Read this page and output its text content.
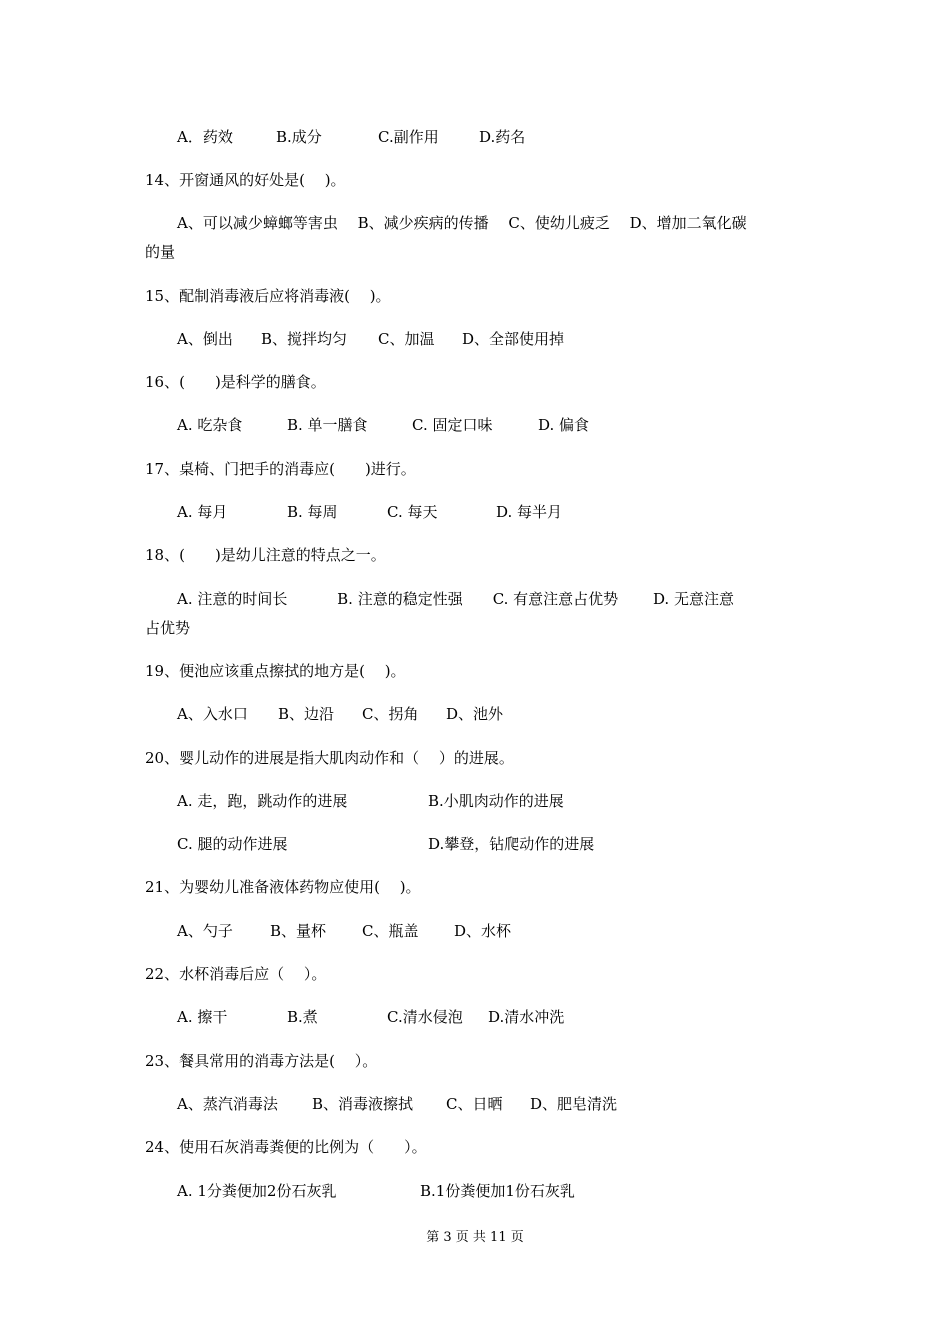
A．药效	B.成分	C.副作用	D.药名
14、开窗通风的好处是(　 )。
A、可以减少蟑螂等害虫　 B、减少疾病的传播　 C、使幼儿疲乏　 D、增加二氧化碳
的量
15、配制消毒液后应将消毒液(　 )。
A、倒出 B、搅拌均匀 C、加温 D、全部使用掉
16、(　　)是科学的膳食。
A. 吃杂食	B. 单一膳食	C. 固定口味	D. 偏食
17、桌椅、门把手的消毒应(　　)进行。
A. 每月	B. 每周	C. 每天	D. 每半月
18、(　　)是幼儿注意的特点之一。
A. 注意的时间长　　　 B. 注意的稳定性强　　C. 有意注意占优势　　 D. 无意注意
占优势
19、便池应该重点擦拭的地方是(　 )。
A、入水口 B、边沿 C、拐角 D、池外
20、婴儿动作的进展是指大肌肉动作和（　 ）的进展。
A. 走，跑，跳动作的进展	B.小肌肉动作的进展
C. 腿的动作进展	D.攀登，钻爬动作的进展
21、为婴幼儿准备液体药物应使用(　 )。
A、勺子 B、量杯 C、瓶盖 D、水杯
22、水杯消毒后应（　 ）。
A. 擦干	B.煮	C.清水侵泡 D.清水冲洗
23、餐具常用的消毒方法是(　 ）。
A、蒸汽消毒法 B、消毒液擦拭 C、日晒 D、肥皂清洗
24、使用石灰消毒粪便的比例为（　　）。
A. 1分粪便加2份石灰乳	B.1份粪便加1份石灰乳
第 3 页 共 11 页
